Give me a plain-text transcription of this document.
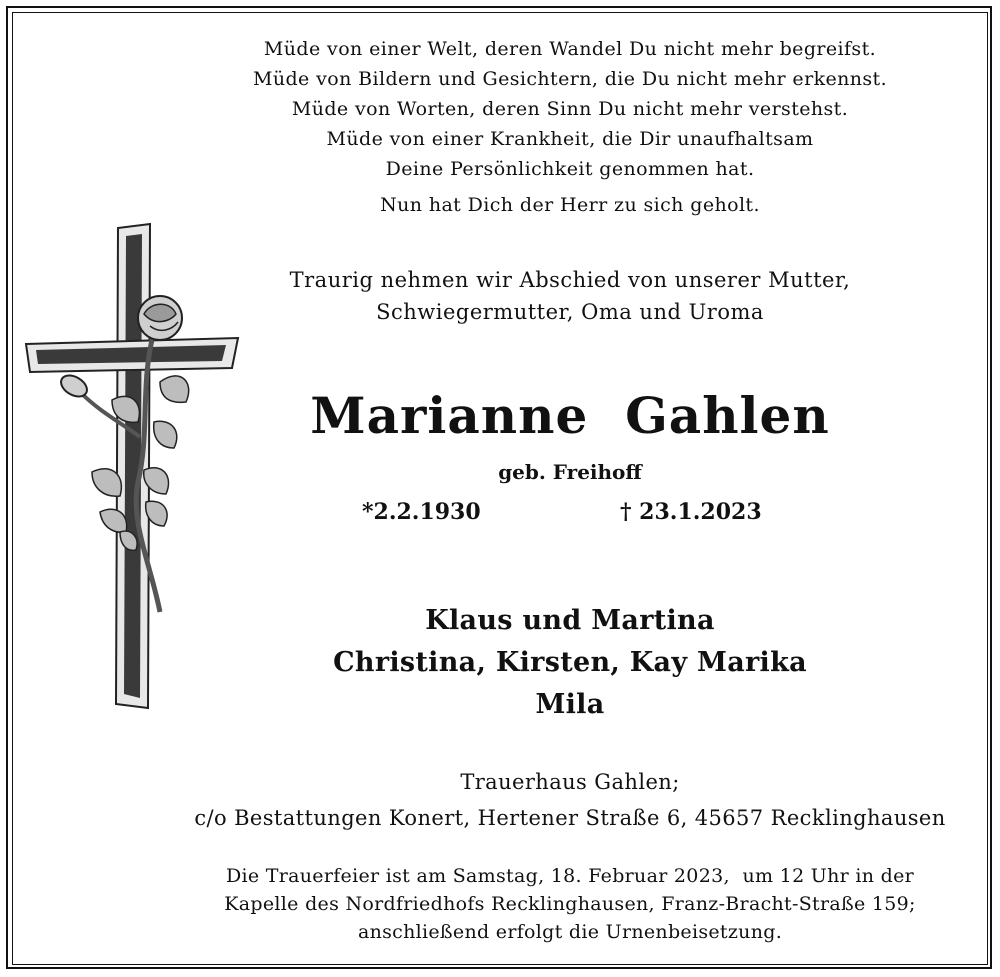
Müde von einer Welt, deren Wandel Du nicht mehr begreifst.
Müde von Bildern und Gesichtern, die Du nicht mehr erkennst.
Müde von Worten, deren Sinn Du nicht mehr verstehst.
Müde von einer Krankheit, die Dir unaufhaltsam
Deine Persönlichkeit genommen hat.
Nun hat Dich der Herr zu sich geholt.
Traurig nehmen wir Abschied von unserer Mutter,
Schwiegermutter, Oma und Uroma
Marianne  Gahlen
geb. Freihoff
*2.2.1930	† 23.1.2023
Klaus und Martina
Christina, Kirsten, Kay Marika
Mila
Trauerhaus Gahlen;
c/o Bestattungen Konert, Hertener Straße 6, 45657 Recklinghausen
Die Trauerfeier ist am Samstag, 18. Februar 2023,  um 12 Uhr in der
Kapelle des Nordfriedhofs Recklinghausen, Franz-Bracht-Straße 159;
anschließend erfolgt die Urnenbeisetzung.
